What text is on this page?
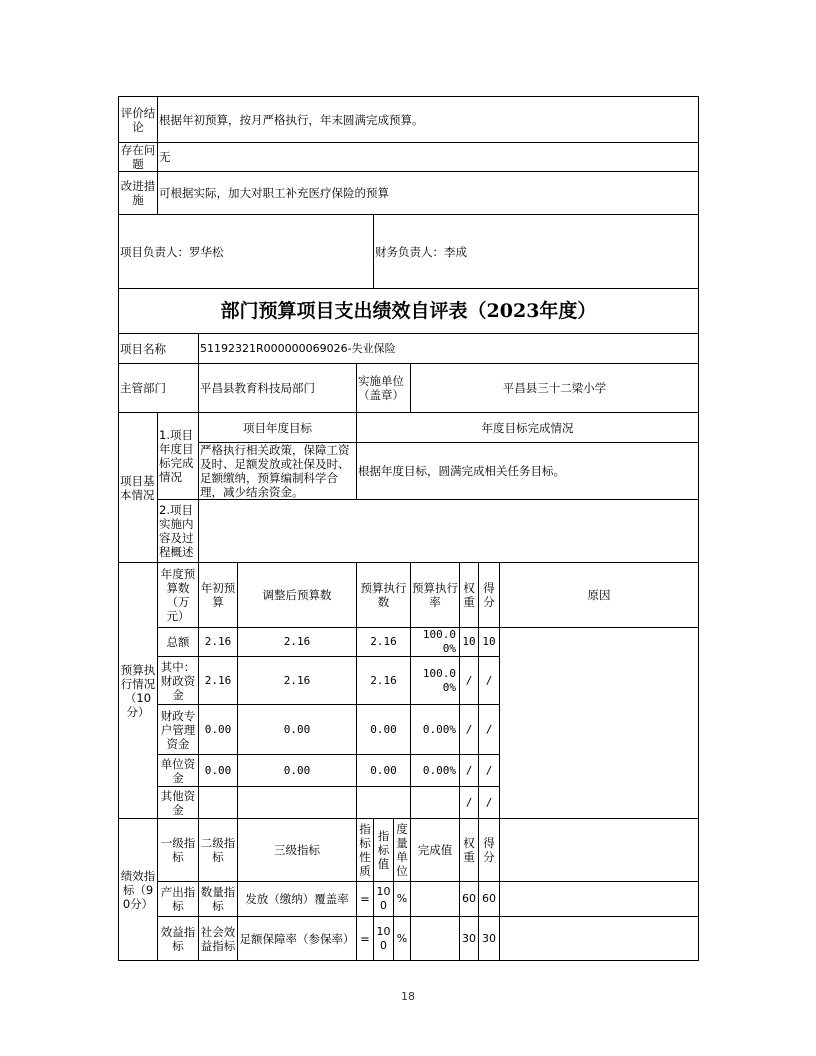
评价结论	根据年初预算，按月严格执行，年末圆满完成预算。									
存在问题	无									
改进措施	可根据实际，加大对职工补充医疗保险的预算									
项目负责人：罗华松					财务负责人：李成					
部门预算项目支出绩效自评表（2023年度）										
项目名称		51192321R000000069026-失业保险								
主管部门		平昌县教育科技局部门		实施单位（盖章）			平昌县三十二梁小学			
项目基本情况	1.项目年度目标完成情况	项目年度目标		年度目标完成情况						
		严格执行相关政策，保障工资及时、足额发放或社保及时、足额缴纳，预算编制科学合理，减少结余资金。		根据年度目标，圆满完成相关任务目标。						
	2.项目实施内容及过程概述									
预算执行情况（10分）	年度预算数（万元）	年初预算	调整后预算数	预算执行数			预算执行率	权重	得分	原因
	总额	2.16	2.16	2.16			100.00%	10	10	
	其中：财政资金	2.16	2.16	2.16			100.00%	/	/	
	财政专户管理资金	0.00	0.00	0.00			0.00%	/	/	
	单位资金	0.00	0.00	0.00			0.00%	/	/	
	其他资金							/	/	
绩效指标（90分）	一级指标	二级指标	三级指标	指标性质	指标值	度量单位	完成值	权重	得分	
	产出指标	数量指标	发放（缴纳）覆盖率	=	100	%		60	60	
	效益指标	社会效益指标	足额保障率（参保率）	=	100	%		30	30	
18
